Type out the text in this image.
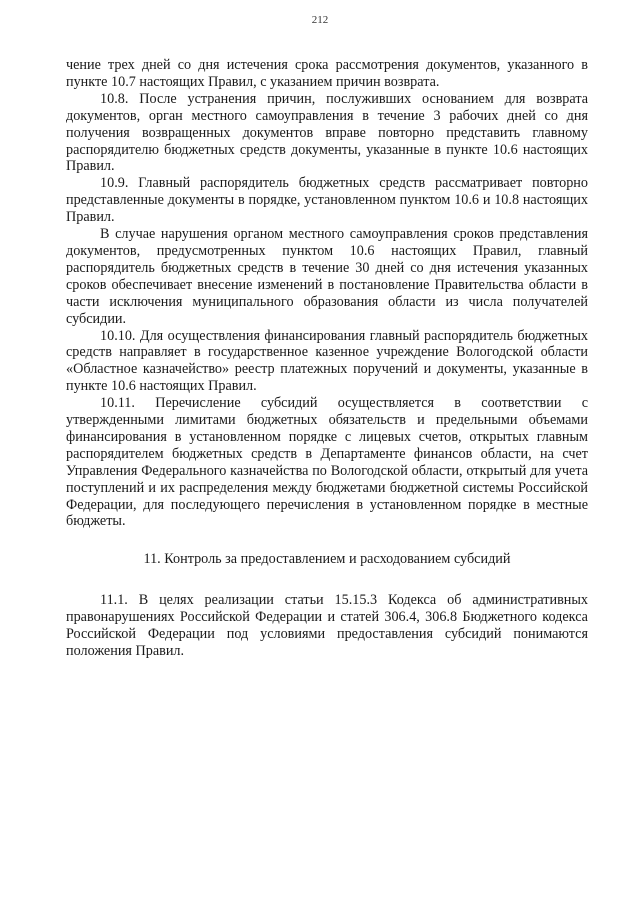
212

чение трех дней со дня истечения срока рассмотрения документов, указанного в пункте 10.7 настоящих Правил, с указанием причин возврата.

10.8. После устранения причин, послуживших основанием для возврата документов, орган местного самоуправления в течение 3 рабочих дней со дня получения возвращенных документов вправе повторно представить главному распорядителю бюджетных средств документы, указанные в пункте 10.6 настоящих Правил.

10.9. Главный распорядитель бюджетных средств рассматривает повторно представленные документы в порядке, установленном пунктом 10.6 и 10.8 настоящих Правил.

В случае нарушения органом местного самоуправления сроков представления документов, предусмотренных пунктом 10.6 настоящих Правил, главный распорядитель бюджетных средств в течение 30 дней со дня истечения указанных сроков обеспечивает внесение изменений в постановление Правительства области в части исключения муниципального образования области из числа получателей субсидии.

10.10. Для осуществления финансирования главный распорядитель бюджетных средств направляет в государственное казенное учреждение Вологодской области «Областное казначейство» реестр платежных поручений и документы, указанные в пункте 10.6 настоящих Правил.

10.11. Перечисление субсидий осуществляется в соответствии с утвержденными лимитами бюджетных обязательств и предельными объемами финансирования в установленном порядке с лицевых счетов, открытых главным распорядителем бюджетных средств в Департаменте финансов области, на счет Управления Федерального казначейства по Вологодской области, открытый для учета поступлений и их распределения между бюджетами бюджетной системы Российской Федерации, для последующего перечисления в установленном порядке в местные бюджеты.

11. Контроль за предоставлением и расходованием субсидий

11.1. В целях реализации статьи 15.15.3 Кодекса об административных правонарушениях Российской Федерации и статей 306.4, 306.8 Бюджетного кодекса Российской Федерации под условиями предоставления субсидий понимаются положения Правил.
